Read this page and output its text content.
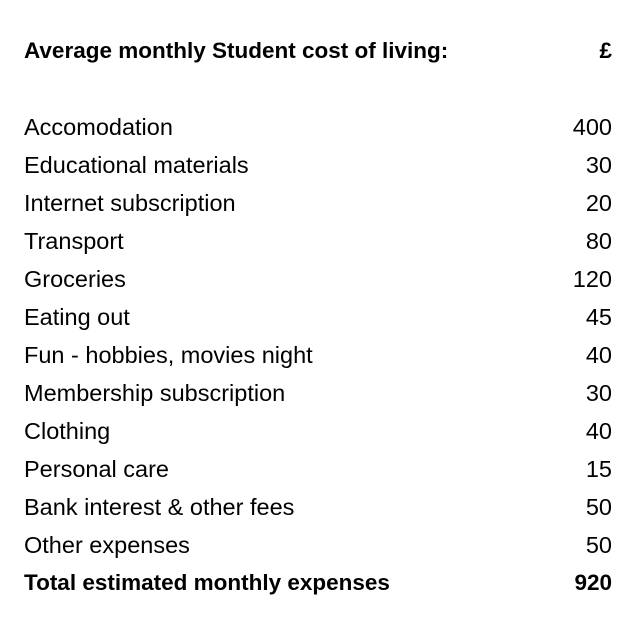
Average monthly Student cost of living:	£
Accomodation	400
Educational materials	30
Internet subscription	20
Transport	80
Groceries	120
Eating out	45
Fun - hobbies, movies night	40
Membership subscription	30
Clothing	40
Personal care	15
Bank interest & other fees	50
Other expenses	50
Total estimated monthly expenses	920
